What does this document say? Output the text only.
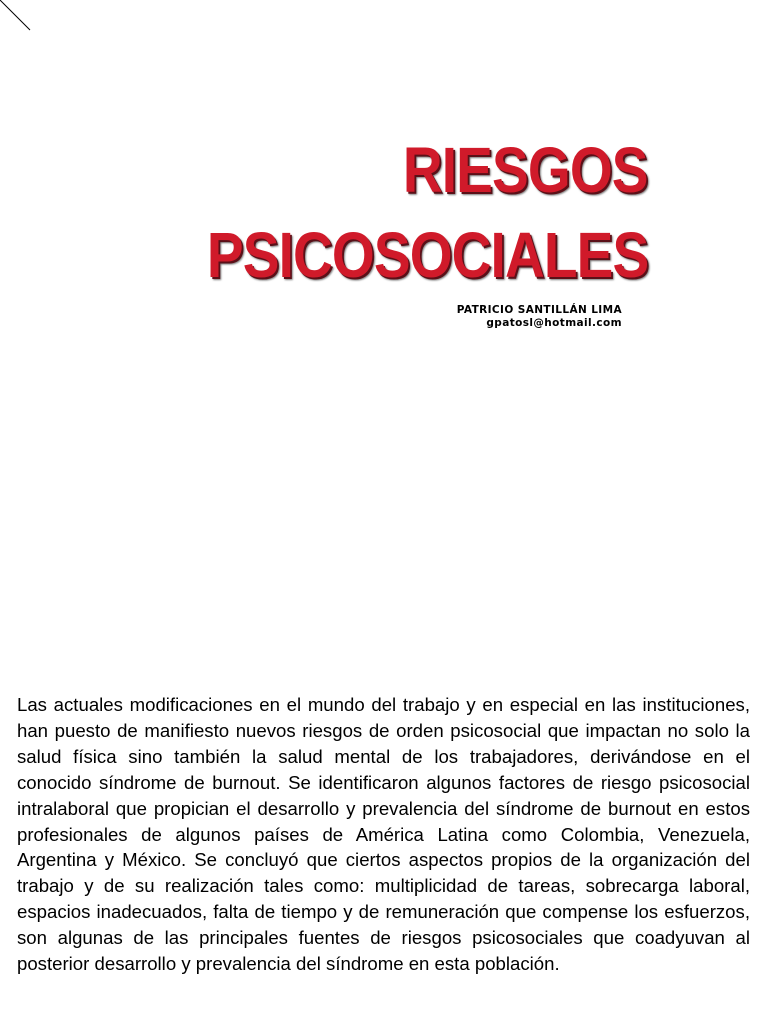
RIESGOS
PSICOSOCIALES
PATRICIO SANTILLÁN LIMA
gpatosl@hotmail.com

Las actuales modificaciones en el mundo del trabajo y en especial en las instituciones, han puesto de manifiesto nuevos riesgos de orden psicosocial que impactan no solo la salud física sino también la salud mental de los trabajadores, derivándose en el conocido síndrome de burnout. Se identificaron algunos factores de riesgo psicosocial intralaboral que propician el desarrollo y prevalencia del síndrome de burnout en estos profesionales de algunos países de América Latina como Colombia, Venezuela, Argentina y México. Se concluyó que ciertos aspectos propios de la organización del trabajo y de su realización tales como: multiplicidad de tareas, sobrecarga laboral, espacios inadecuados, falta de tiempo y de remuneración que compense los esfuerzos, son algunas de las principales fuentes de riesgos psicosociales que coadyuvan al posterior desarrollo y prevalencia del síndrome en esta población.
